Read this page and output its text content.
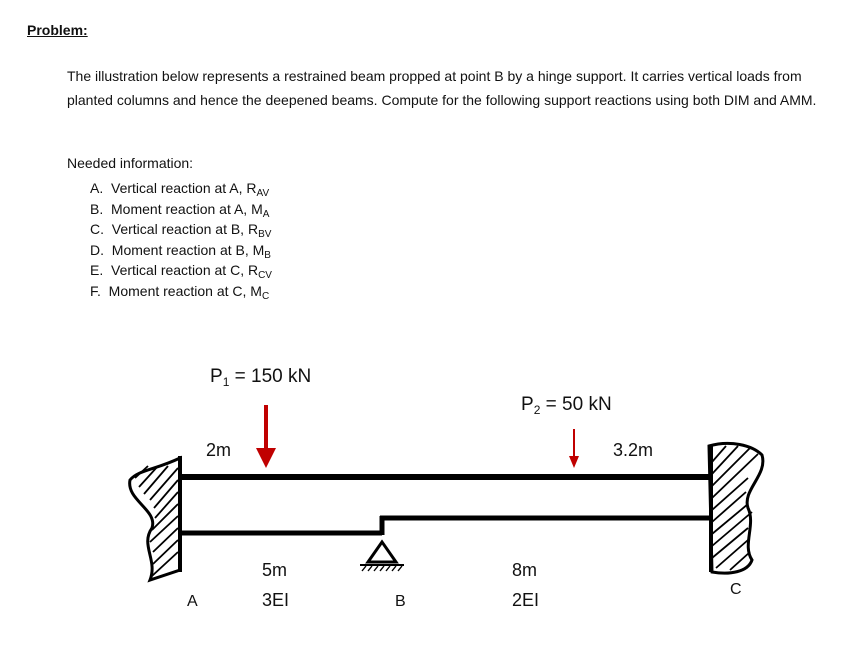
Problem:

The illustration below represents a restrained beam propped at point B by a hinge support. It carries vertical loads from planted columns and hence the deepened beams. Compute for the following support reactions using both DIM and AMM.

Needed information:

A. Vertical reaction at A, $R_{AV}$
B. Moment reaction at A, $M_A$
C. Vertical reaction at B, $R_{BV}$
D. Moment reaction at B, $M_B$
E. Vertical reaction at C, $R_{CV}$
F. Moment reaction at C, $M_C$
$P_1 = 150$ kN
$P_2 = 50$ kN
2m	3.2m
5m
3EI
8m
2EI
A	B
C
